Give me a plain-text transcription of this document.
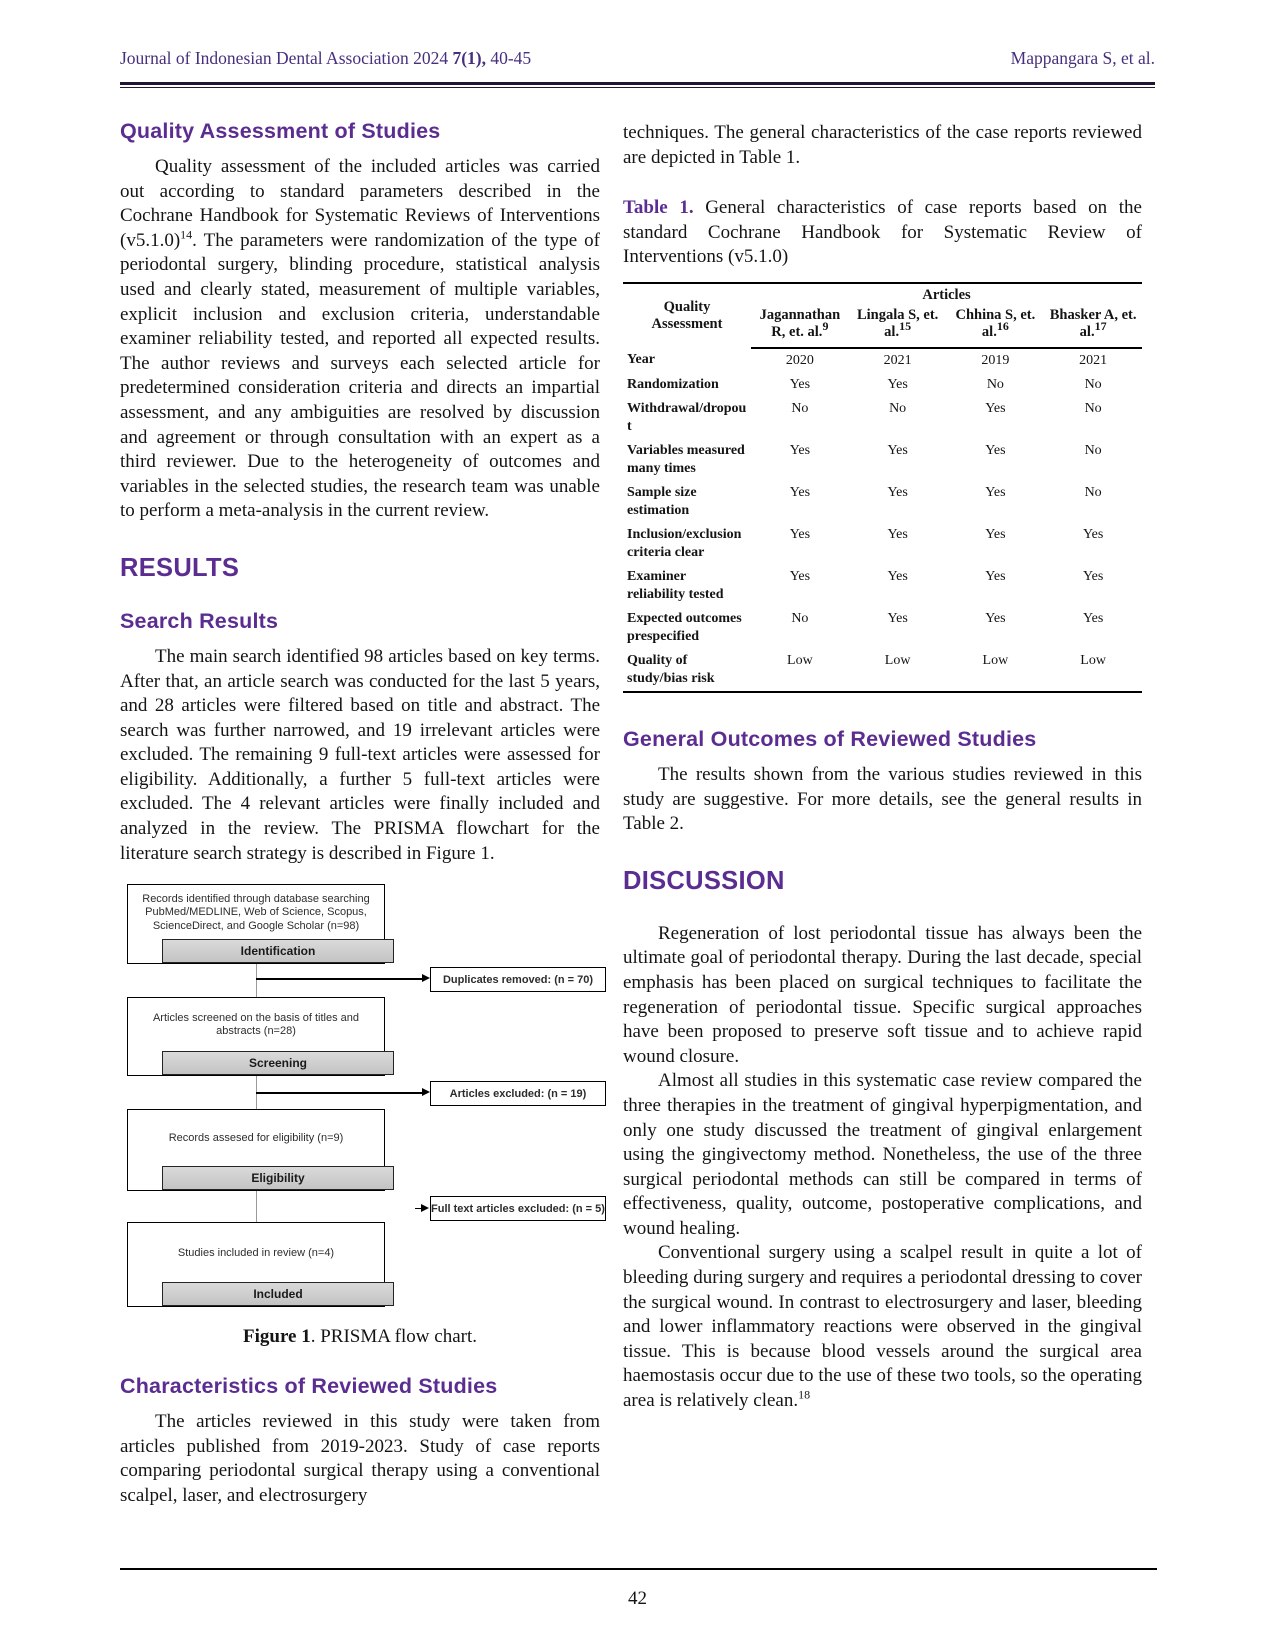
Journal of Indonesian Dental Association 2024 7(1), 40-45	Mappangara S, et al.
Quality Assessment of Studies

Quality assessment of the included articles was carried out according to standard parameters described in the Cochrane Handbook for Systematic Reviews of Interventions (v5.1.0)$^{14}$. The parameters were randomization of the type of periodontal surgery, blinding procedure, statistical analysis used and clearly stated, measurement of multiple variables, explicit inclusion and exclusion criteria, understandable examiner reliability tested, and reported all expected results. The author reviews and surveys each selected article for predetermined consideration criteria and directs an impartial assessment, and any ambiguities are resolved by discussion and agreement or through consultation with an expert as a third reviewer. Due to the heterogeneity of outcomes and variables in the selected studies, the research team was unable to perform a meta-analysis in the current review.

RESULTS
Search Results

The main search identified 98 articles based on key terms. After that, an article search was conducted for the last 5 years, and 28 articles were filtered based on title and abstract. The search was further narrowed, and 19 irrelevant articles were excluded. The remaining 9 full-text articles were assessed for eligibility. Additionally, a further 5 full-text articles were excluded. The 4 relevant articles were finally included and analyzed in the review. The PRISMA flowchart for the literature search strategy is described in Figure 1.

Records identified through database searching PubMed/MEDLINE, Web of Science, Scopus, ScienceDirect, and Google Scholar (n=98)
Identification
Duplicates removed: (n = 70)
Articles screened on the basis of titles and abstracts (n=28)
Screening
Articles excluded: (n = 19)
Records assesed for eligibility (n=9)
Eligibility
Full text articles excluded: (n = 5)
Studies included in review (n=4)
Included

Figure 1. PRISMA flow chart.

Characteristics of Reviewed Studies

The articles reviewed in this study were taken from articles published from 2019-2023. Study of case reports comparing periodontal surgical therapy using a conventional scalpel, laser, and electrosurgery

techniques. The general characteristics of the case reports reviewed are depicted in Table 1.

Table 1. General characteristics of case reports based on the standard Cochrane Handbook for Systematic Review of Interventions (v5.1.0)

Quality Assessment	Articles			
	Jagannathan R, et. al.$^9$	Lingala S, et. al.$^{15}$	Chhina S, et. al.$^{16}$	Bhasker A, et. al.$^{17}$
Year	2020	2021	2019	2021
Randomization	Yes	Yes	No	No
Withdrawal/dropout	No	No	Yes	No
Variables measured many times	Yes	Yes	Yes	No
Sample size estimation	Yes	Yes	Yes	No
Inclusion/exclusion criteria clear	Yes	Yes	Yes	Yes
Examiner reliability tested	Yes	Yes	Yes	Yes
Expected outcomes prespecified	No	Yes	Yes	Yes
Quality of study/bias risk	Low	Low	Low	Low
General Outcomes of Reviewed Studies

The results shown from the various studies reviewed in this study are suggestive. For more details, see the general results in Table 2.

DISCUSSION

Regeneration of lost periodontal tissue has always been the ultimate goal of periodontal therapy. During the last decade, special emphasis has been placed on surgical techniques to facilitate the regeneration of periodontal tissue. Specific surgical approaches have been proposed to preserve soft tissue and to achieve rapid wound closure.

Almost all studies in this systematic case review compared the three therapies in the treatment of gingival hyperpigmentation, and only one study discussed the treatment of gingival enlargement using the gingivectomy method. Nonetheless, the use of the three surgical periodontal methods can still be compared in terms of effectiveness, quality, outcome, postoperative complications, and wound healing.

Conventional surgery using a scalpel result in quite a lot of bleeding during surgery and requires a periodontal dressing to cover the surgical wound. In contrast to electrosurgery and laser, bleeding and lower inflammatory reactions were observed in the gingival tissue. This is because blood vessels around the surgical area haemostasis occur due to the use of these two tools, so the operating area is relatively clean.$^{18}$

42
